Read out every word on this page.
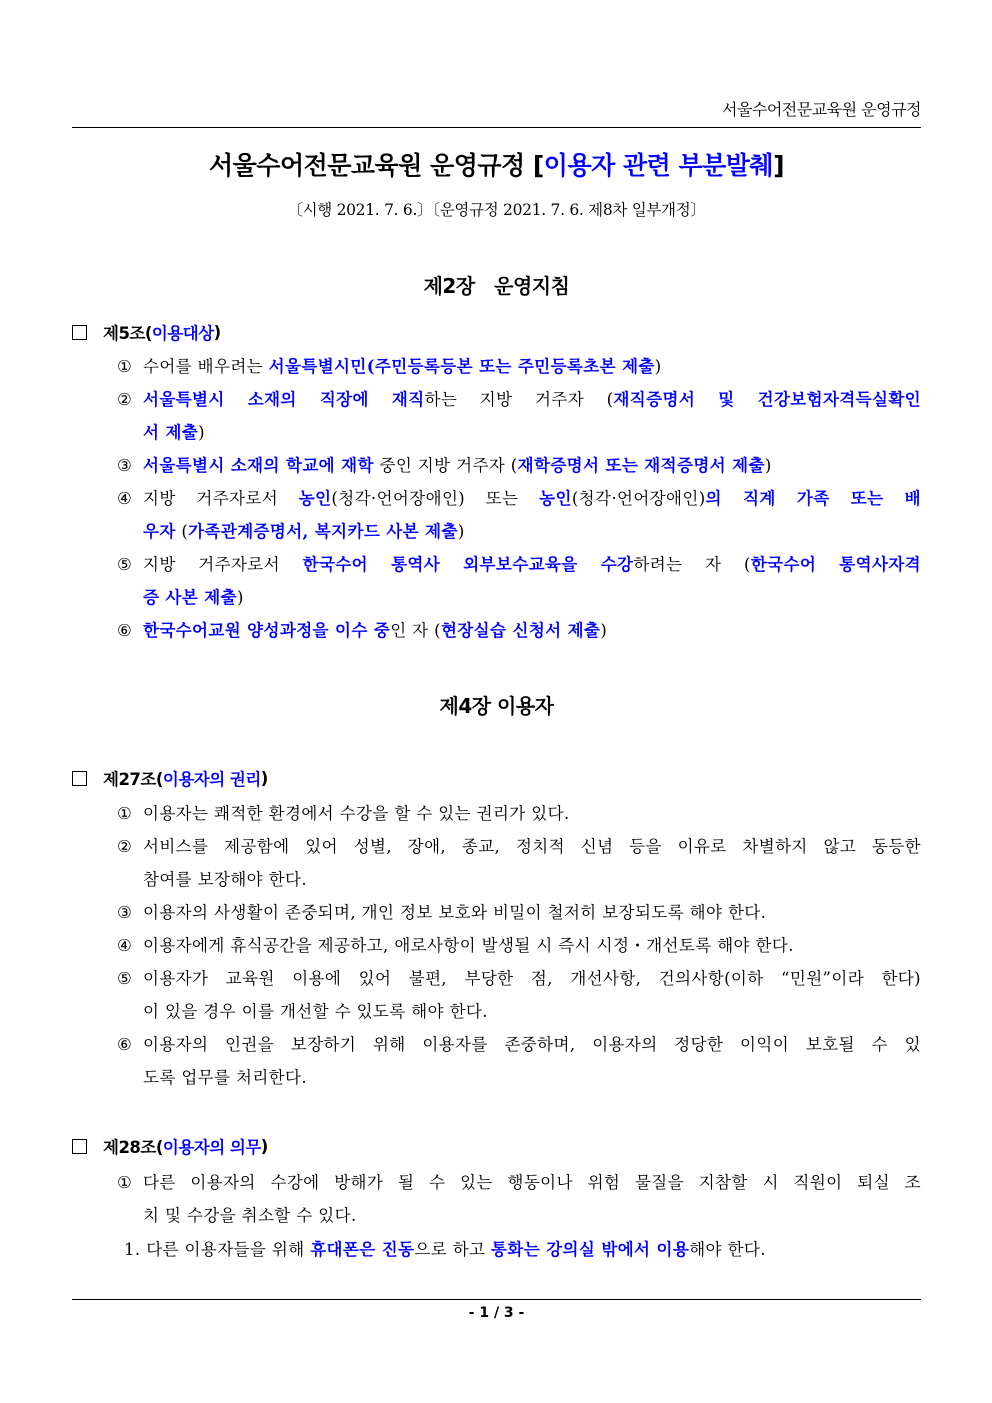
서울수어전문교육원 운영규정
서울수어전문교육원 운영규정 [이용자 관련 부분발췌]
〔시행 2021. 7. 6.〕〔운영규정 2021. 7. 6. 제8차 일부개정〕
제2장　운영지침
제5조( 이용대상 )
① 수어를 배우려는 서울특별시민(주민등록등본 또는 주민등록초본 제출)
② 서울특별시 소재의 직장에 재직하는 지방 거주자 (재직증명서 및 건강보험자격득실확인
서 제출)
③ 서울특별시 소재의 학교에 재학 중인 지방 거주자 (재학증명서 또는 재적증명서 제출)
④ 지방 거주자로서 농인(청각·언어장애인) 또는 농인(청각·언어장애인)의 직계 가족 또는 배
우자 (가족관계증명서, 복지카드 사본 제출)
⑤ 지방 거주자로서 한국수어 통역사 외부보수교육을 수강하려는 자 (한국수어 통역사자격
증 사본 제출)
⑥ 한국수어교원 양성과정을 이수 중인 자 (현장실습 신청서 제출)
제4장 이용자
제27조( 이용자의 권리 )
① 이용자는 쾌적한 환경에서 수강을 할 수 있는 권리가 있다.
② 서비스를 제공함에 있어 성별, 장애, 종교, 정치적 신념 등을 이유로 차별하지 않고 동등한
참여를 보장해야 한다.
③ 이용자의 사생활이 존중되며, 개인 정보 보호와 비밀이 철저히 보장되도록 해야 한다.
④ 이용자에게 휴식공간을 제공하고, 애로사항이 발생될 시 즉시 시정・개선토록 해야 한다.
⑤ 이용자가 교육원 이용에 있어 불편, 부당한 점, 개선사항, 건의사항(이하 “민원”이라 한다)
이 있을 경우 이를 개선할 수 있도록 해야 한다.
⑥ 이용자의 인권을 보장하기 위해 이용자를 존중하며, 이용자의 정당한 이익이 보호될 수 있
도록 업무를 처리한다.
제28조( 이용자의 의무 )
① 다른 이용자의 수강에 방해가 될 수 있는 행동이나 위험 물질을 지참할 시 직원이 퇴실 조
치 및 수강을 취소할 수 있다.
1. 다른 이용자들을 위해 휴대폰은 진동으로 하고 통화는 강의실 밖에서 이용해야 한다.
- 1 / 3 -
